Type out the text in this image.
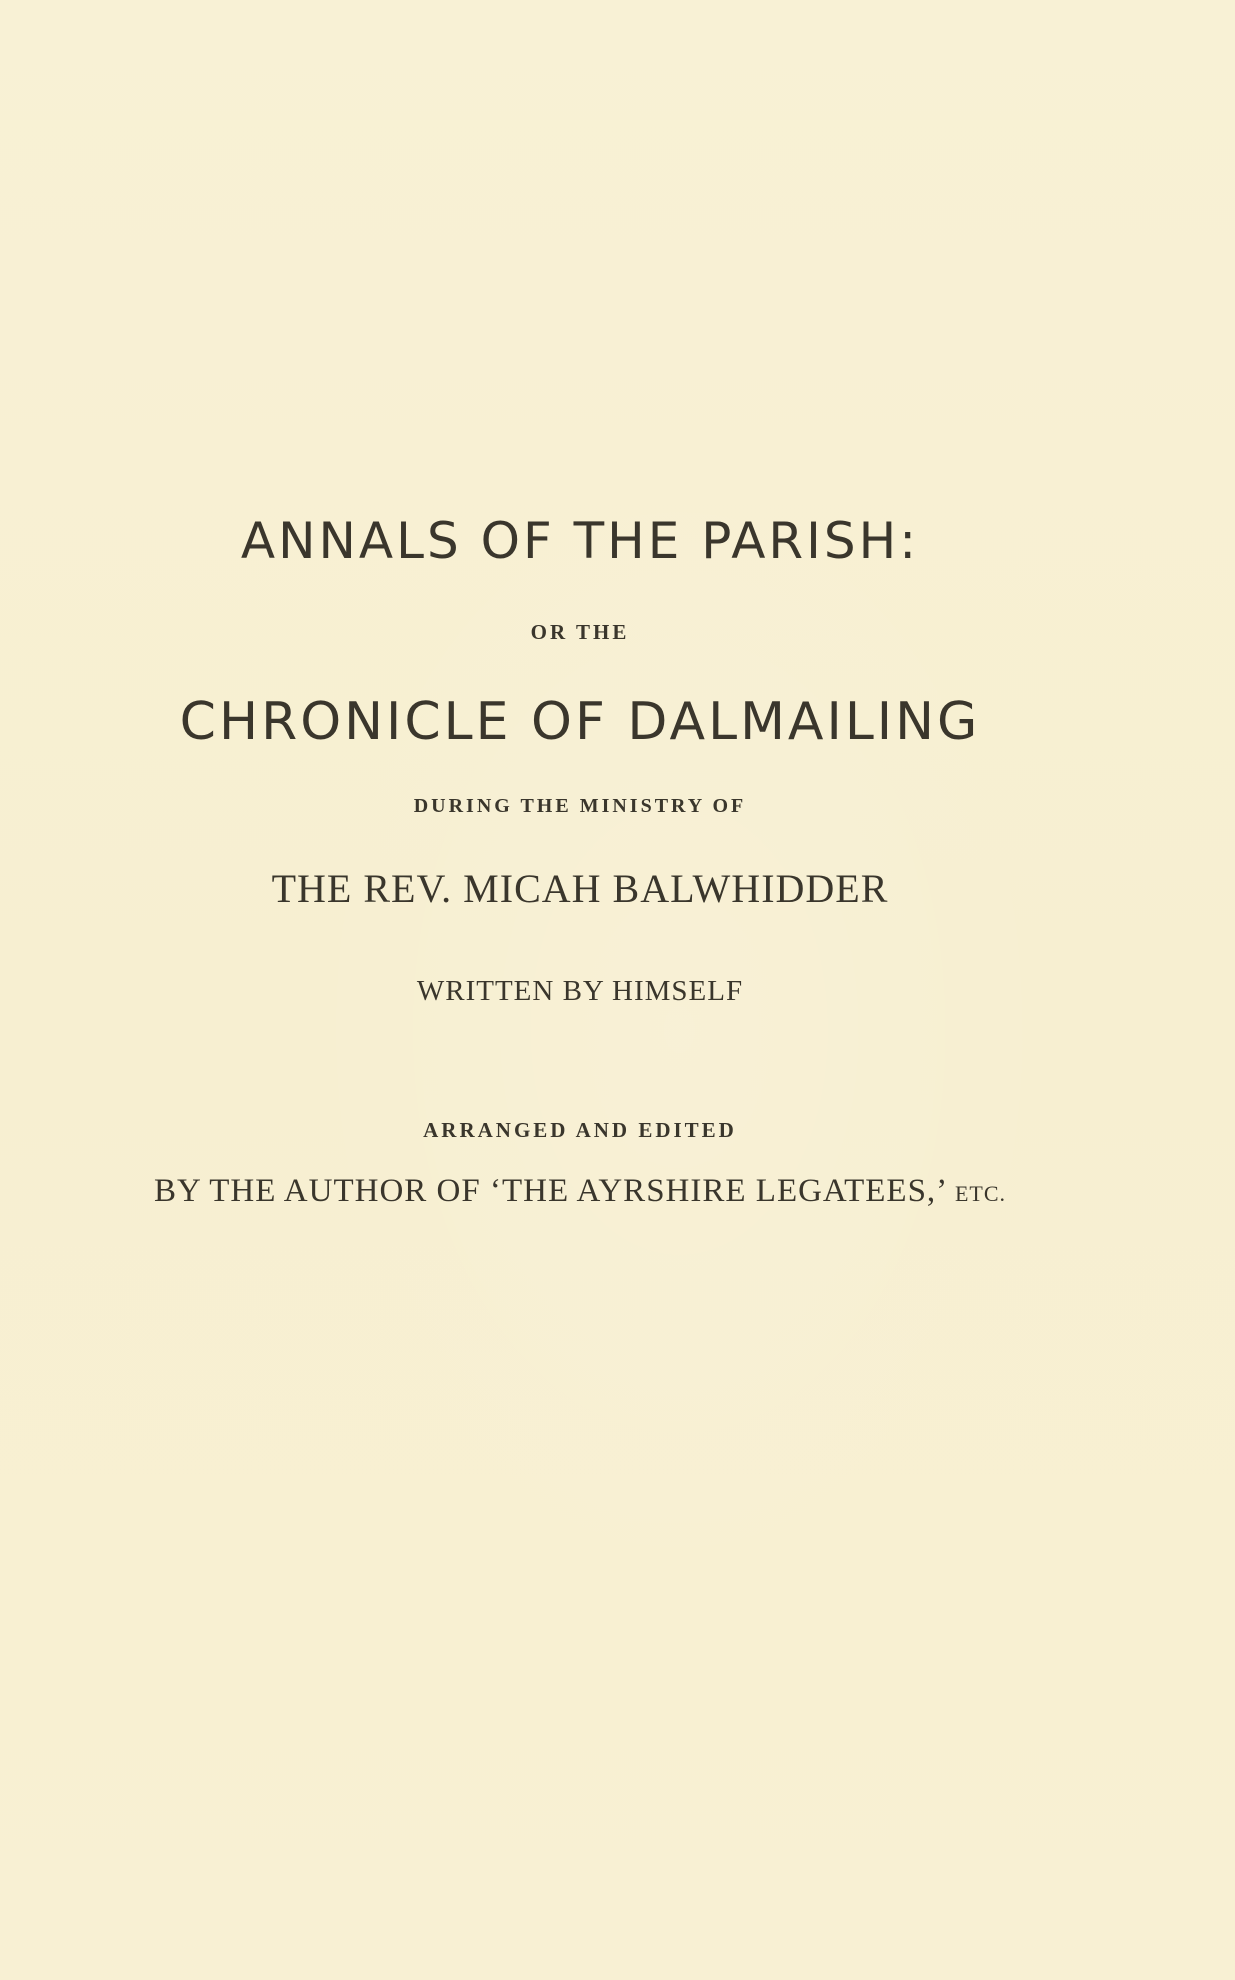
ANNALS OF THE PARISH:
OR THE
CHRONICLE OF DALMAILING
DURING THE MINISTRY OF
THE REV. MICAH BALWHIDDER
WRITTEN BY HIMSELF
ARRANGED AND EDITED
BY THE AUTHOR OF ‘THE AYRSHIRE LEGATEES,’ ETC.
